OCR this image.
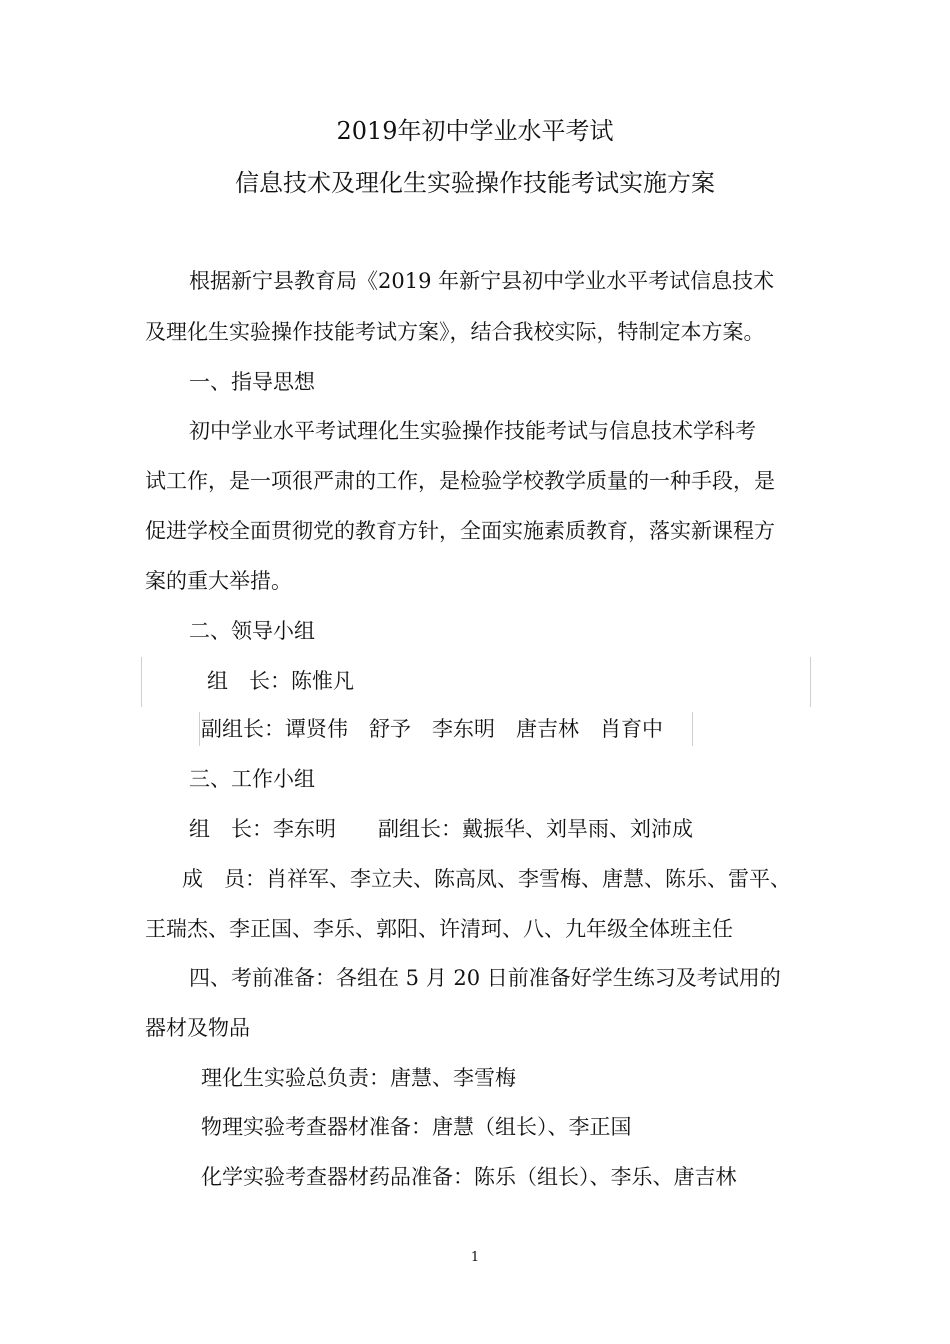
2019年初中学业水平考试
信息技术及理化生实验操作技能考试实施方案
根据新宁县教育局《2019 年新宁县初中学业水平考试信息技术
及理化生实验操作技能考试方案》，结合我校实际，特制定本方案。
一、指导思想
初中学业水平考试理化生实验操作技能考试与信息技术学科考
试工作，是一项很严肃的工作，是检验学校教学质量的一种手段，是
促进学校全面贯彻党的教育方针，全面实施素质教育，落实新课程方
案的重大举措。
二、领导小组
组　长：陈惟凡
副组长：谭贤伟　舒予　李东明　唐吉林　肖育中
三、工作小组
组　长：李东明　　副组长：戴振华、刘旱雨、刘沛成
成　员：肖祥军、李立夫、陈高凤、李雪梅、唐慧、陈乐、雷平、
王瑞杰、李正国、李乐、郭阳、许清珂、八、九年级全体班主任
四、考前准备：各组在 5 月 20 日前准备好学生练习及考试用的
器材及物品
理化生实验总负责：唐慧、李雪梅
物理实验考查器材准备：唐慧（组长）、李正国
化学实验考查器材药品准备：陈乐（组长）、李乐、唐吉林
1
